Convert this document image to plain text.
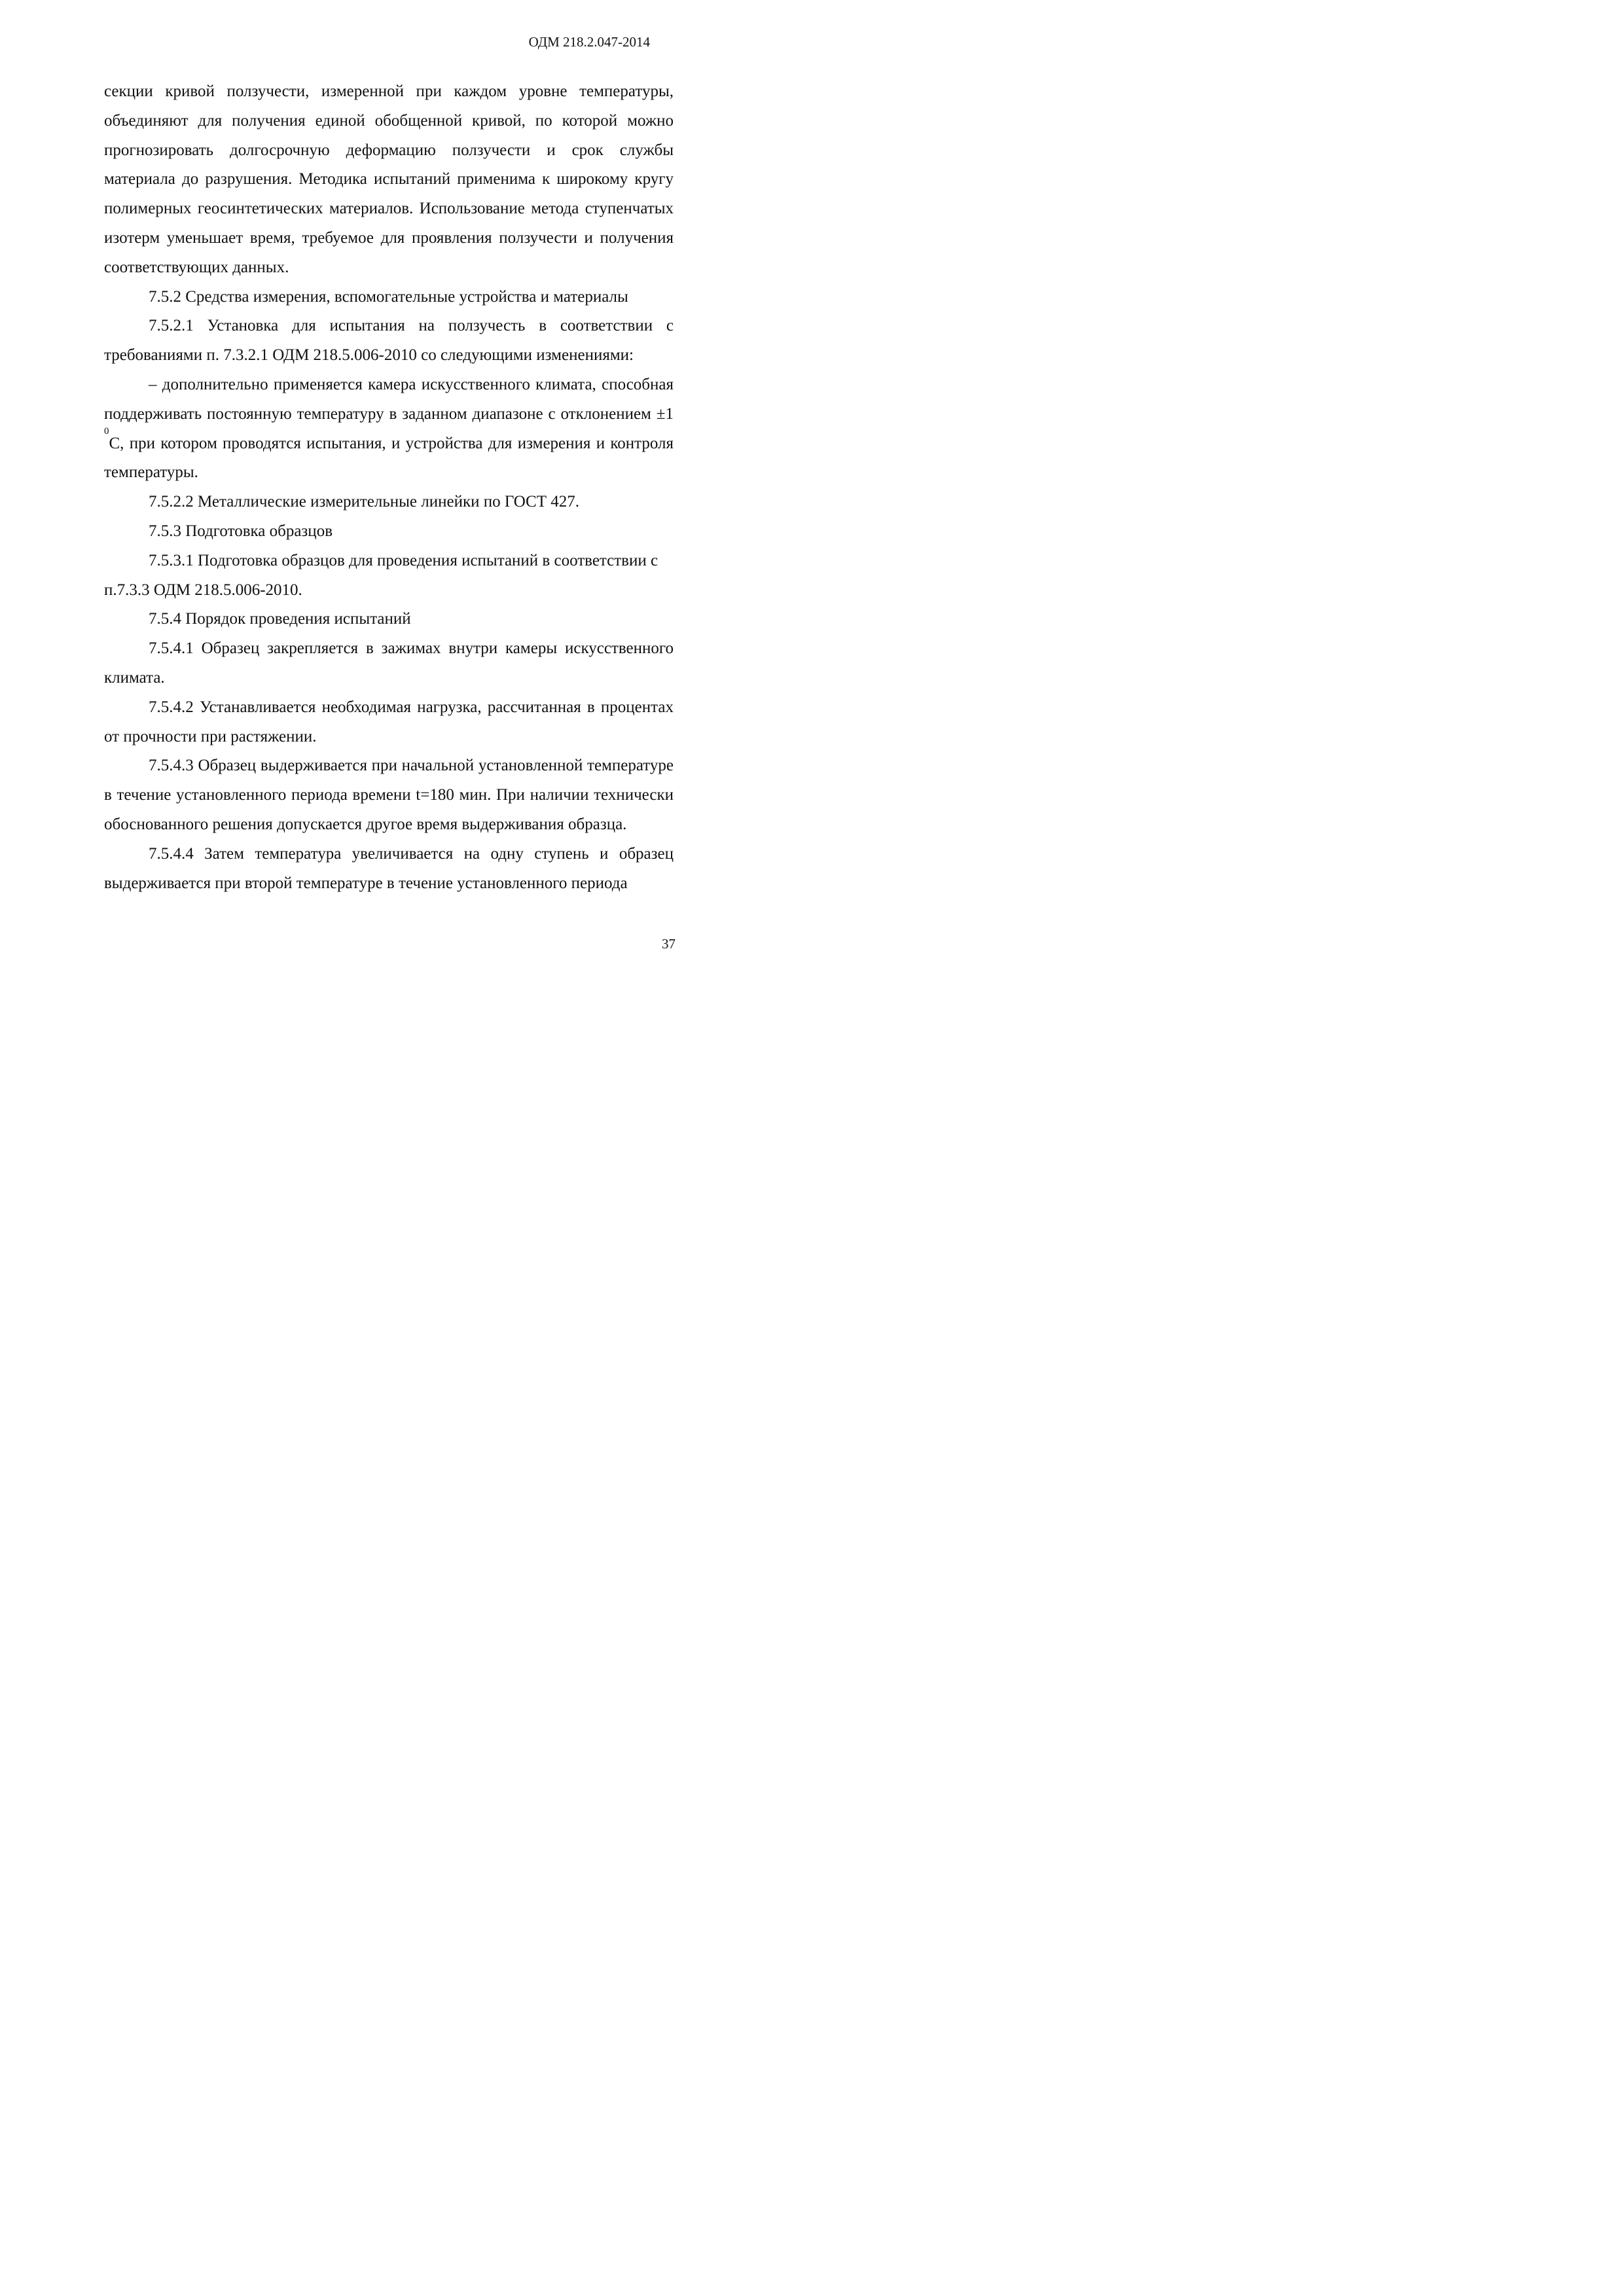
ОДМ 218.2.047-2014

секции кривой ползучести, измеренной при каждом уровне температуры, объединяют для получения единой обобщенной кривой, по которой можно прогнозировать долгосрочную деформацию ползучести и срок службы материала до разрушения. Методика испытаний применима к широкому кругу полимерных геосинтетических материалов. Использование метода ступенчатых изотерм уменьшает время, требуемое для проявления ползучести и получения соответствующих данных.

7.5.2 Средства измерения, вспомогательные устройства и материалы

7.5.2.1 Установка для испытания на ползучесть в соответствии с требованиями п. 7.3.2.1 ОДМ 218.5.006-2010 со следующими изменениями:

– дополнительно применяется камера искусственного климата, способная поддерживать постоянную температуру в заданном диапазоне с отклонением ±1 $^0$С, при котором проводятся испытания, и устройства для измерения и контроля температуры.

7.5.2.2 Металлические измерительные линейки по ГОСТ 427.

7.5.3 Подготовка образцов

7.5.3.1 Подготовка образцов для проведения испытаний в соответствии с п.7.3.3 ОДМ 218.5.006-2010.

7.5.4 Порядок проведения испытаний

7.5.4.1 Образец закрепляется в зажимах внутри камеры искусственного климата.

7.5.4.2 Устанавливается необходимая нагрузка, рассчитанная в процентах от прочности при растяжении.

7.5.4.3 Образец выдерживается при начальной установленной температуре в течение установленного периода времени t=180 мин. При наличии технически обоснованного решения допускается другое время выдерживания образца.

7.5.4.4 Затем температура увеличивается на одну ступень и образец выдерживается при второй температуре в течение установленного периода

37
